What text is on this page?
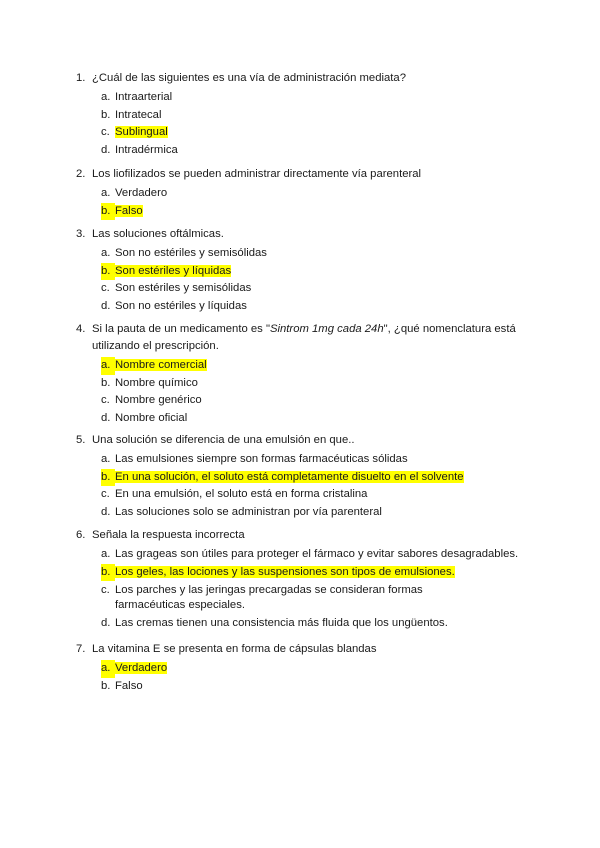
1. ¿Cuál de las siguientes es una vía de administración mediata?
a. Intraarterial
b. Intratecal
c. Sublingual
d. Intradérmica
2. Los liofilizados se pueden administrar directamente vía parenteral
a. Verdadero
b. Falso
3. Las soluciones oftálmicas.
a. Son no estériles y semisólidas
b. Son estériles y líquidas
c. Son estériles y semisólidas
d. Son no estériles y líquidas
4. Si la pauta de un medicamento es "Sintrom 1mg cada 24h", ¿qué nomenclatura está utilizando el prescripción.
a. Nombre comercial
b. Nombre químico
c. Nombre genérico
d. Nombre oficial
5. Una solución se diferencia de una emulsión en que..
a. Las emulsiones siempre son formas farmacéuticas sólidas
b. En una solución, el soluto está completamente disuelto en el solvente
c. En una emulsión, el soluto está en forma cristalina
d. Las soluciones solo se administran por vía parenteral
6. Señala la respuesta incorrecta
a. Las grageas son útiles para proteger el fármaco y evitar sabores desagradables.
b. Los geles, las lociones y las suspensiones son tipos de emulsiones.
c. Los parches y las jeringas precargadas se consideran formas farmacéuticas especiales.
d. Las cremas tienen una consistencia más fluida que los ungüentos.
7. La vitamina E se presenta en forma de cápsulas blandas
a. Verdadero
b. Falso
